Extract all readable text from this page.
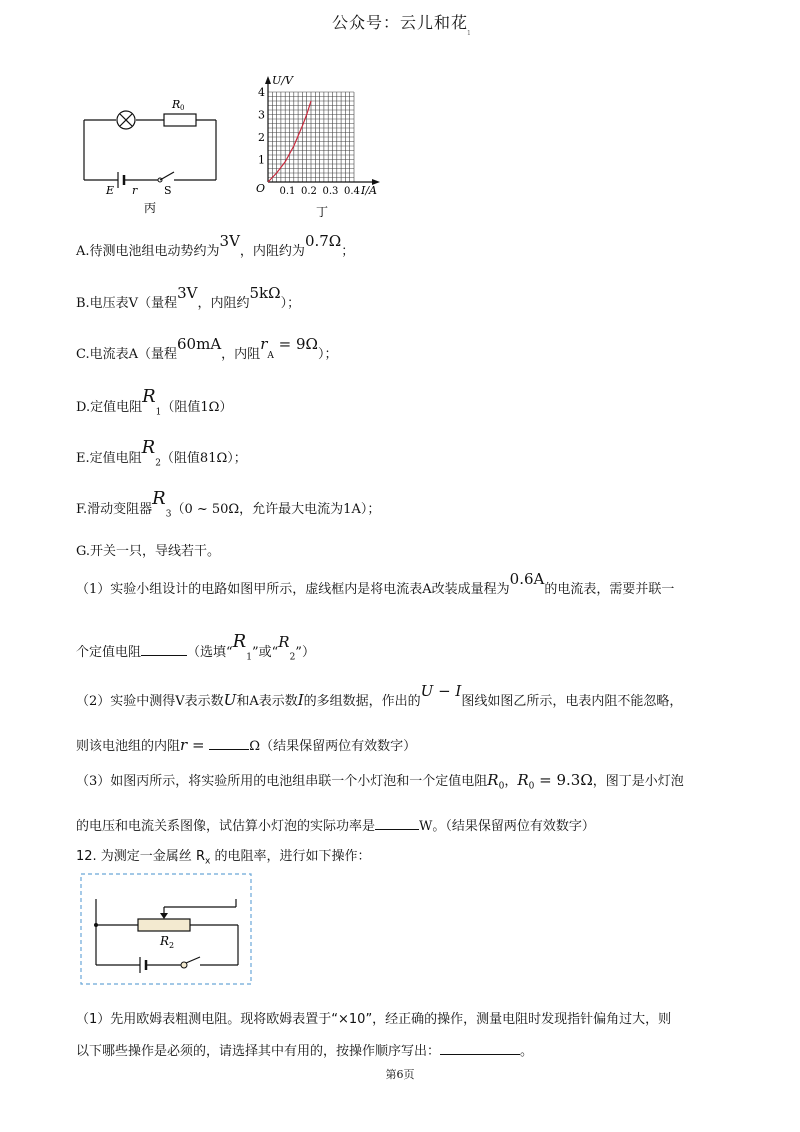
公众号：云儿和花
1
R 0
E r S
丙
U/V
I/A
O
1
2
3
4
0.1 0.2 0.3 0.4
丁
A.待测电池组电动势约为3V，内阻约为0.7Ω；
B.电压表V（量程3V，内阻约5kΩ）；
C.电流表A（量程60mA，内阻$r_A = 9\Omega$）；
D.定值电阻$R_1$（阻值1Ω）
E.定值电阻$R_2$（阻值81Ω）；
F.滑动变阻器$R_3(0$ ~ 50Ω，允许最大电流为1A）；
G.开关一只，导线若干。
（1）实验小组设计的电路如图甲所示，虚线框内是将电流表A改装成量程为0.6A的电流表，需要并联一
个定值电阻	（选填“$R_1$”或“$R_2$”）
（2）实验中测得V表示数U和A表示数I的多组数据，作出的U − I图线如图乙所示，电表内阻不能忽略，
则该电池组的内阻r =	Ω（结果保留两位有效数字）
（3）如图丙所示，将实验所用的电池组串联一个小灯泡和一个定值电阻$R_0$，$R_0 = 9.3\Omega$，图丁是小灯泡
的电压和电流关系图像，试估算小灯泡的实际功率是	W。（结果保留两位有效数字）
12. 为测定一金属丝 $R_x$ 的电阻率，进行如下操作：
R 2
（1）先用欧姆表粗测电阻。现将欧姆表置于“×10”，经正确的操作，测量电阻时发现指针偏角过大，则
以下哪些操作是必须的，请选择其中有用的，按操作顺序写出：	。
第6页
